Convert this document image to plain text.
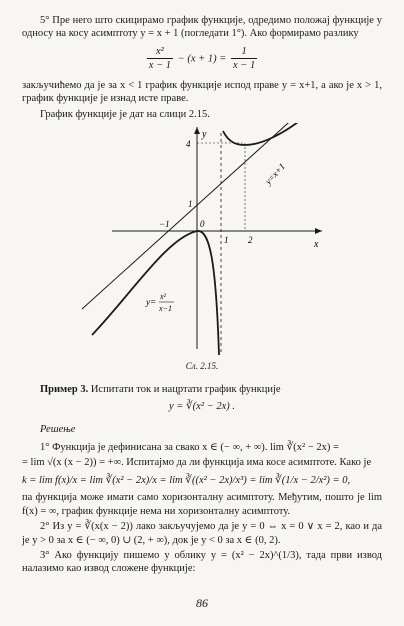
5° Пре него што скицирамо график функције, одредимо положај функције у односу на косу асимптоту y = x + 1 (погледати 1°). Ако формирамо разлику

$\frac{\text{x²}}{x - 1} - (x + 1) = \frac{1}{x - 1}$

закључићемо да је за x < 1 график функције испод праве y = x+1, а ако је x > 1, график функције је изнад исте праве.

График функције је дат на слици 2.15.

y
x
y=x+1
4
1
−1	0
1 2
y=
x²
x−1

Сл. 2.15.

Пример 3. Испитати ток и нацртати график функције

y = ∛(x² − 2x) .

Решење

1° Функција је дефинисана за свако x ∈ (− ∞, + ∞). lim ∛(x² − 2x) =

= lim √(x (x − 2)) = +∞. Испитајмо да ли функција има косе асимптоте. Како је

k = lim f(x)/x = lim ∛(x² − 2x)/x = lim ∛((x² − 2x)/x³) = lim ∛(1/x − 2/x²) = 0,

па функција може имати само хоризонталну асимптоту. Међутим, пошто је lim f(x) = ∞, график функције нема ни хоризонталну асимптоту.

2° Из y = ∛(x(x − 2)) лако закључујемо да је y = 0 ⇔ x = 0 ∨ x = 2, као и да је y > 0 за x ∈ (− ∞, 0) ∪ (2, + ∞), док је y < 0 за x ∈ (0, 2).

3° Ако функцију пишемо у облику y = (x² − 2x)^(1/3), тада први извод налазимо као извод сложене функције:

86
